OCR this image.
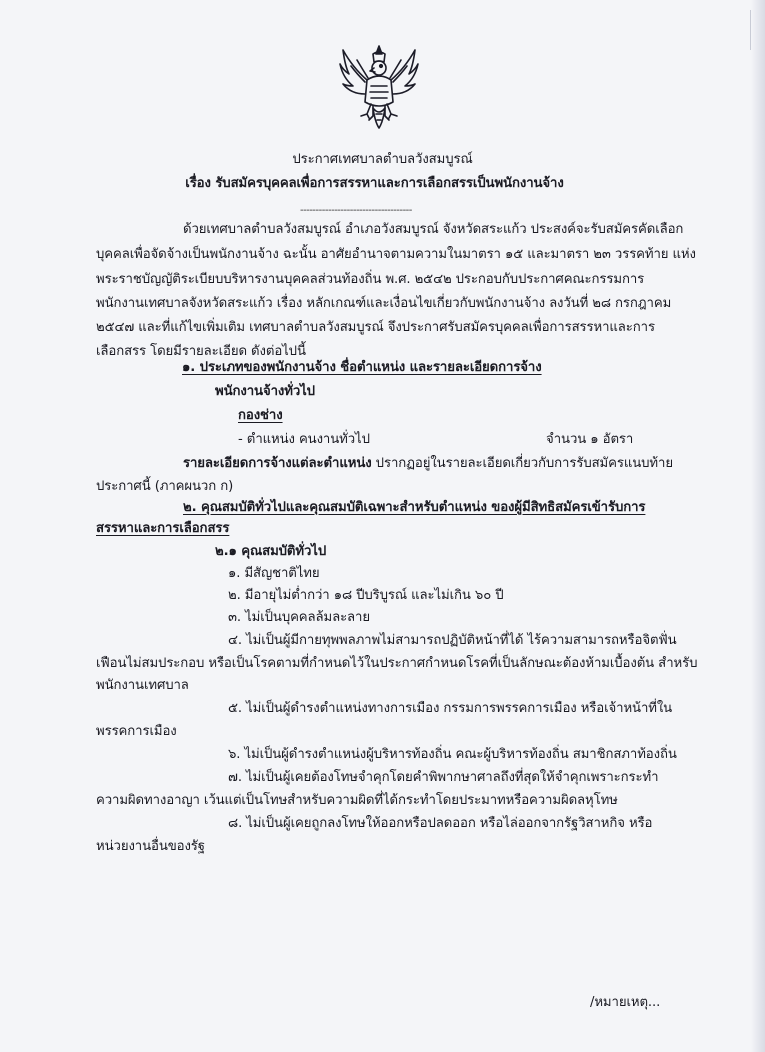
ประกาศเทศบาลตำบลวังสมบูรณ์
เรื่อง รับสมัครบุคคลเพื่อการสรรหาและการเลือกสรรเป็นพนักงานจ้าง
------------------------------------
ด้วยเทศบาลตำบลวังสมบูรณ์ อำเภอวังสมบูรณ์ จังหวัดสระแก้ว ประสงค์จะรับสมัครคัดเลือก
บุคคลเพื่อจัดจ้างเป็นพนักงานจ้าง ฉะนั้น อาศัยอำนาจตามความในมาตรา ๑๕ และมาตรา ๒๓ วรรคท้าย แห่ง
พระราชบัญญัติระเบียบบริหารงานบุคคลส่วนท้องถิ่น พ.ศ. ๒๕๔๒ ประกอบกับประกาศคณะกรรมการ
พนักงานเทศบาลจังหวัดสระแก้ว เรื่อง หลักเกณฑ์และเงื่อนไขเกี่ยวกับพนักงานจ้าง ลงวันที่ ๒๘ กรกฎาคม
๒๕๔๗ และที่แก้ไขเพิ่มเติม เทศบาลตำบลวังสมบูรณ์ จึงประกาศรับสมัครบุคคลเพื่อการสรรหาและการ
เลือกสรร โดยมีรายละเอียด ดังต่อไปนี้
๑. ประเภทของพนักงานจ้าง ชื่อตำแหน่ง และรายละเอียดการจ้าง
พนักงานจ้างทั่วไป
กองช่าง
- ตำแหน่ง คนงานทั่วไป	จำนวน ๑ อัตรา
รายละเอียดการจ้างแต่ละตำแหน่ง ปรากฏอยู่ในรายละเอียดเกี่ยวกับการรับสมัครแนบท้าย
ประกาศนี้ (ภาคผนวก ก)
๒. คุณสมบัติทั่วไปและคุณสมบัติเฉพาะสำหรับตำแหน่ง ของผู้มีสิทธิสมัครเข้ารับการ
สรรหาและการเลือกสรร
๒.๑ คุณสมบัติทั่วไป
๑. มีสัญชาติไทย
๒. มีอายุไม่ต่ำกว่า ๑๘ ปีบริบูรณ์ และไม่เกิน ๖๐ ปี
๓. ไม่เป็นบุคคลล้มละลาย
๔. ไม่เป็นผู้มีกายทุพพลภาพไม่สามารถปฏิบัติหน้าที่ได้ ไร้ความสามารถหรือจิตฟั่น
เฟือนไม่สมประกอบ หรือเป็นโรคตามที่กำหนดไว้ในประกาศกำหนดโรคที่เป็นลักษณะต้องห้ามเบื้องต้น สำหรับ
พนักงานเทศบาล
๕. ไม่เป็นผู้ดำรงตำแหน่งทางการเมือง กรรมการพรรคการเมือง หรือเจ้าหน้าที่ใน
พรรคการเมือง
๖. ไม่เป็นผู้ดำรงตำแหน่งผู้บริหารท้องถิ่น คณะผู้บริหารท้องถิ่น สมาชิกสภาท้องถิ่น
๗. ไม่เป็นผู้เคยต้องโทษจำคุกโดยคำพิพากษาศาลถึงที่สุดให้จำคุกเพราะกระทำ
ความผิดทางอาญา เว้นแต่เป็นโทษสำหรับความผิดที่ได้กระทำโดยประมาทหรือความผิดลหุโทษ
๘. ไม่เป็นผู้เคยถูกลงโทษให้ออกหรือปลดออก หรือไล่ออกจากรัฐวิสาหกิจ หรือ
หน่วยงานอื่นของรัฐ
/หมายเหตุ...
